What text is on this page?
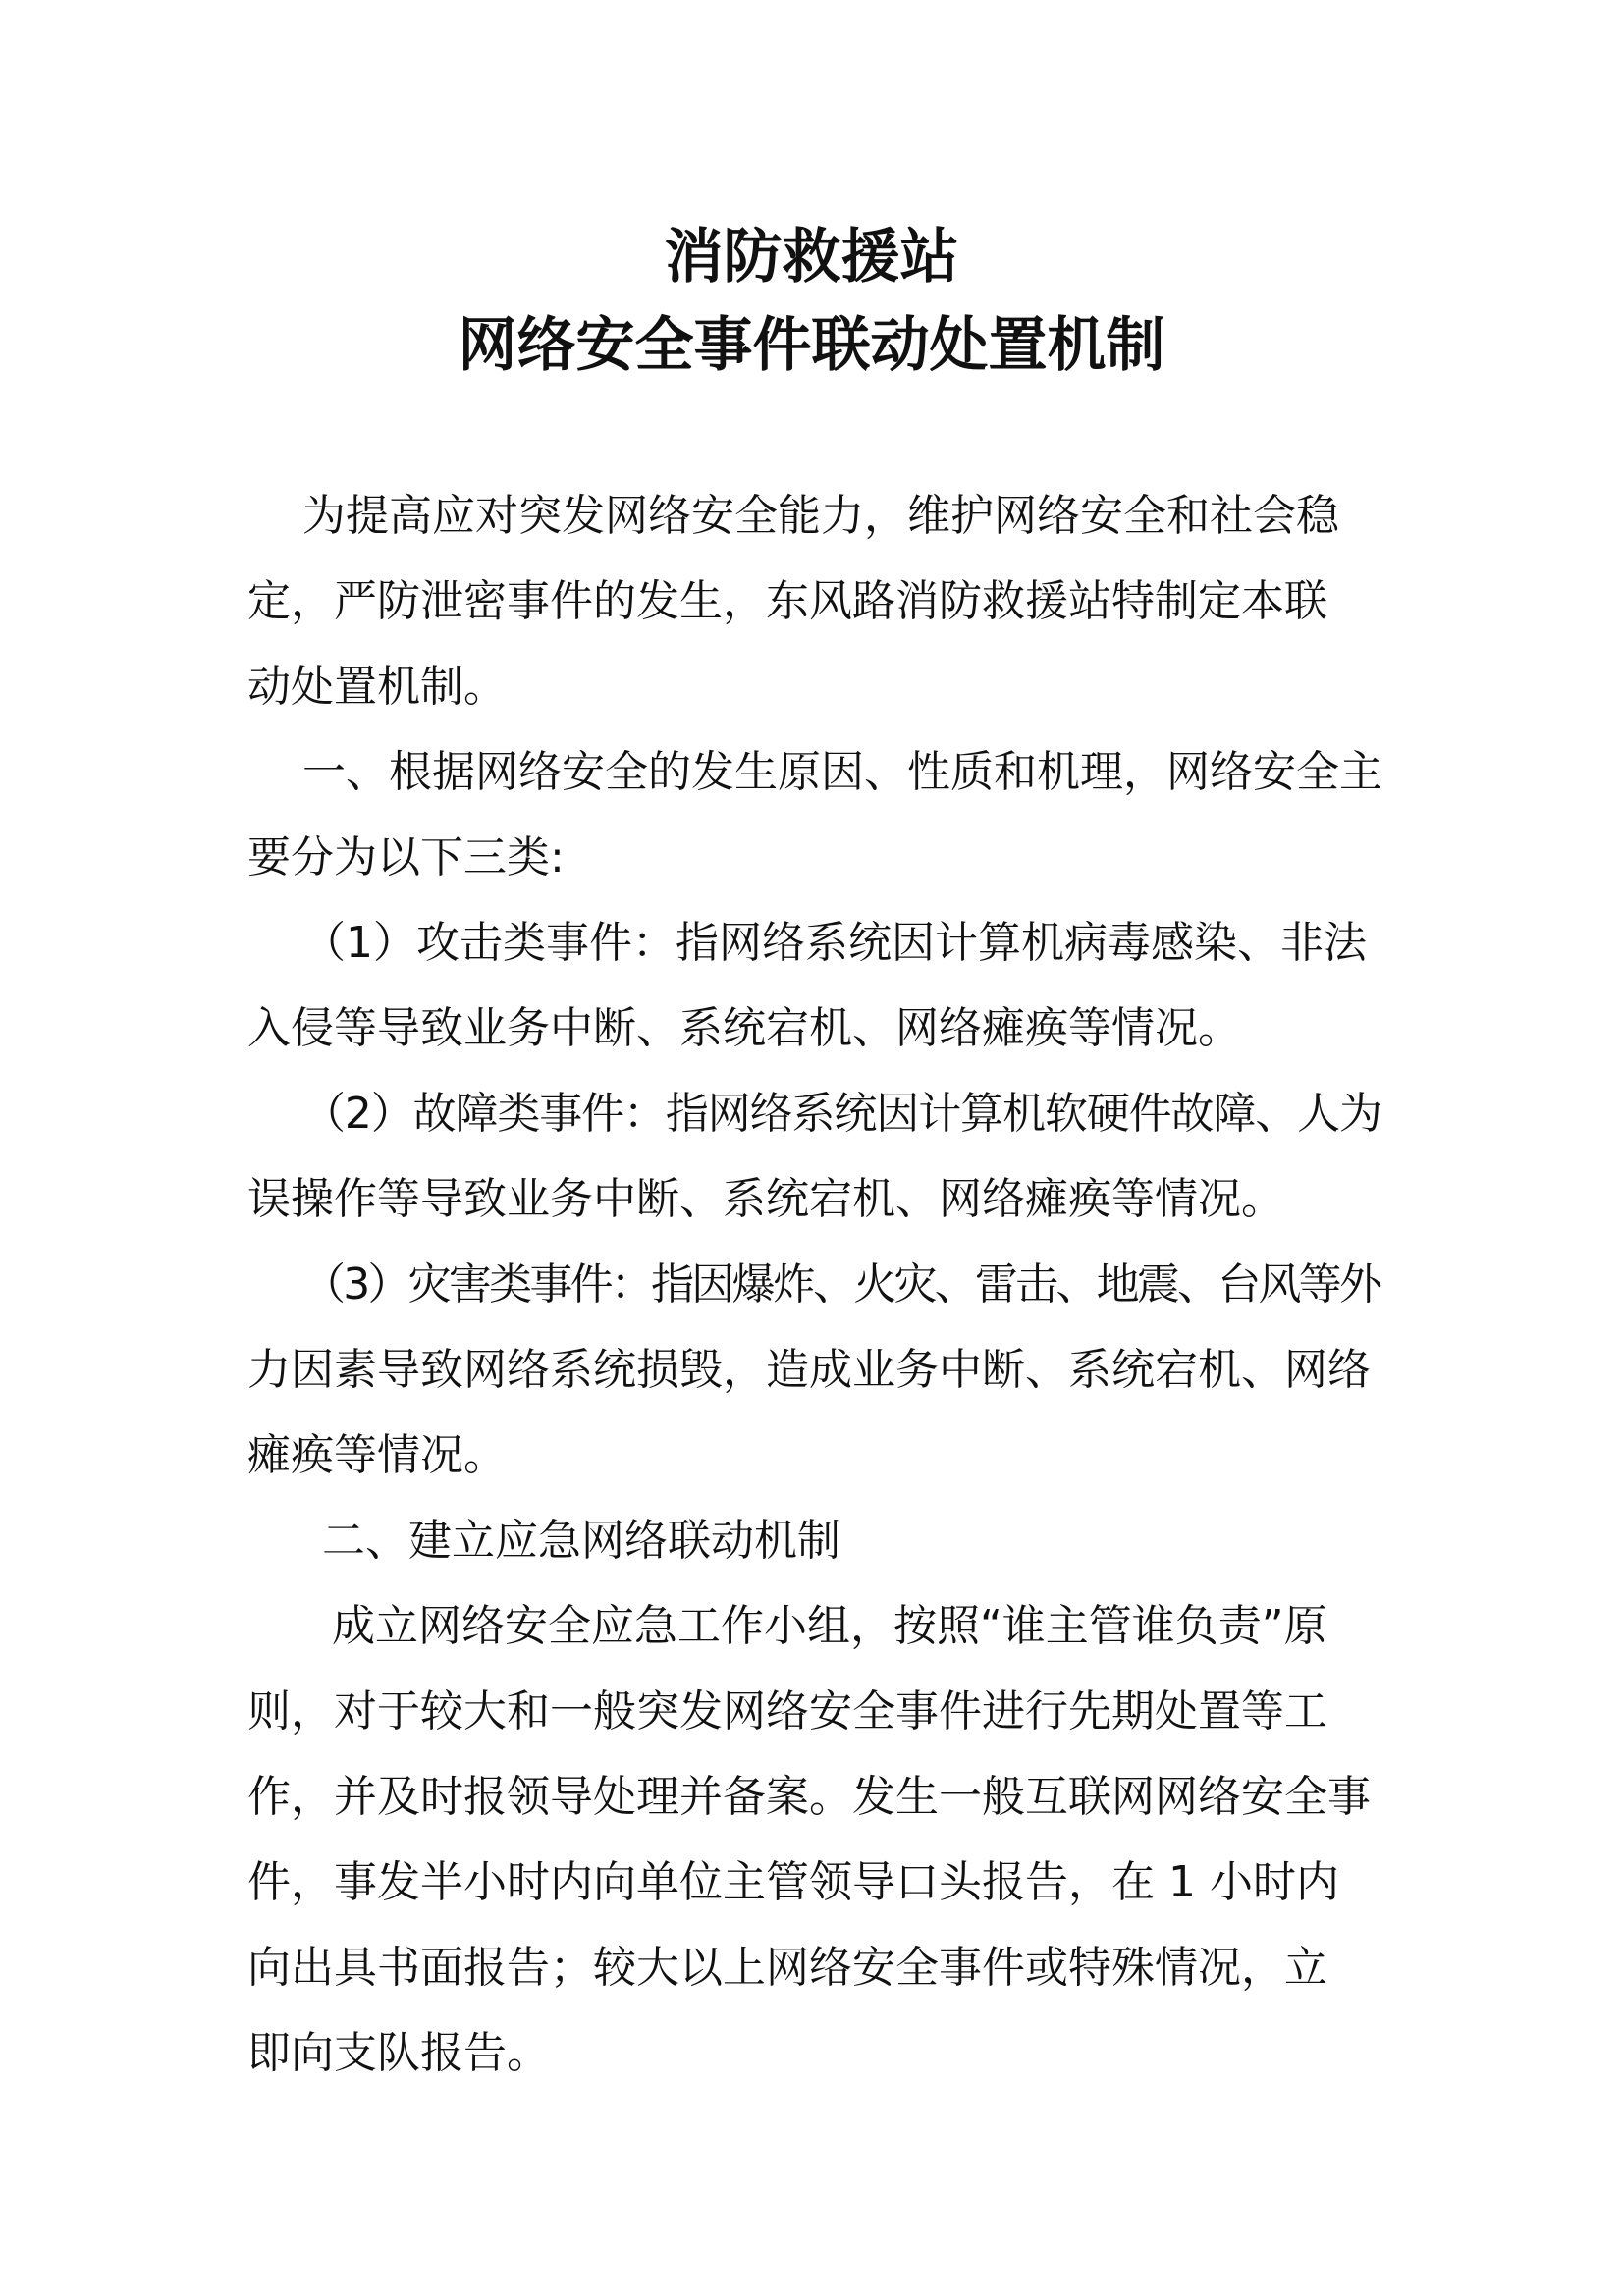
消防救援站
网络安全事件联动处置机制
为提高应对突发网络安全能力，维护网络安全和社会稳
定，严防泄密事件的发生，东风路消防救援站特制定本联
动处置机制。
一、根据网络安全的发生原因、性质和机理，网络安全主
要分为以下三类:
（1）攻击类事件：指网络系统因计算机病毒感染、非法
入侵等导致业务中断、系统宕机、网络瘫痪等情况。
（2）故障类事件：指网络系统因计算机软硬件故障、人为
误操作等导致业务中断、系统宕机、网络瘫痪等情况。
（3）灾害类事件：指因爆炸、火灾、雷击、地震、台风等外
力因素导致网络系统损毁，造成业务中断、系统宕机、网络
瘫痪等情况。
二、建立应急网络联动机制
成立网络安全应急工作小组，按照“谁主管谁负责”原
则，对于较大和一般突发网络安全事件进行先期处置等工
作，并及时报领导处理并备案。发生一般互联网网络安全事
件，事发半小时内向单位主管领导口头报告，在 1 小时内
向出具书面报告；较大以上网络安全事件或特殊情况，立
即向支队报告。
